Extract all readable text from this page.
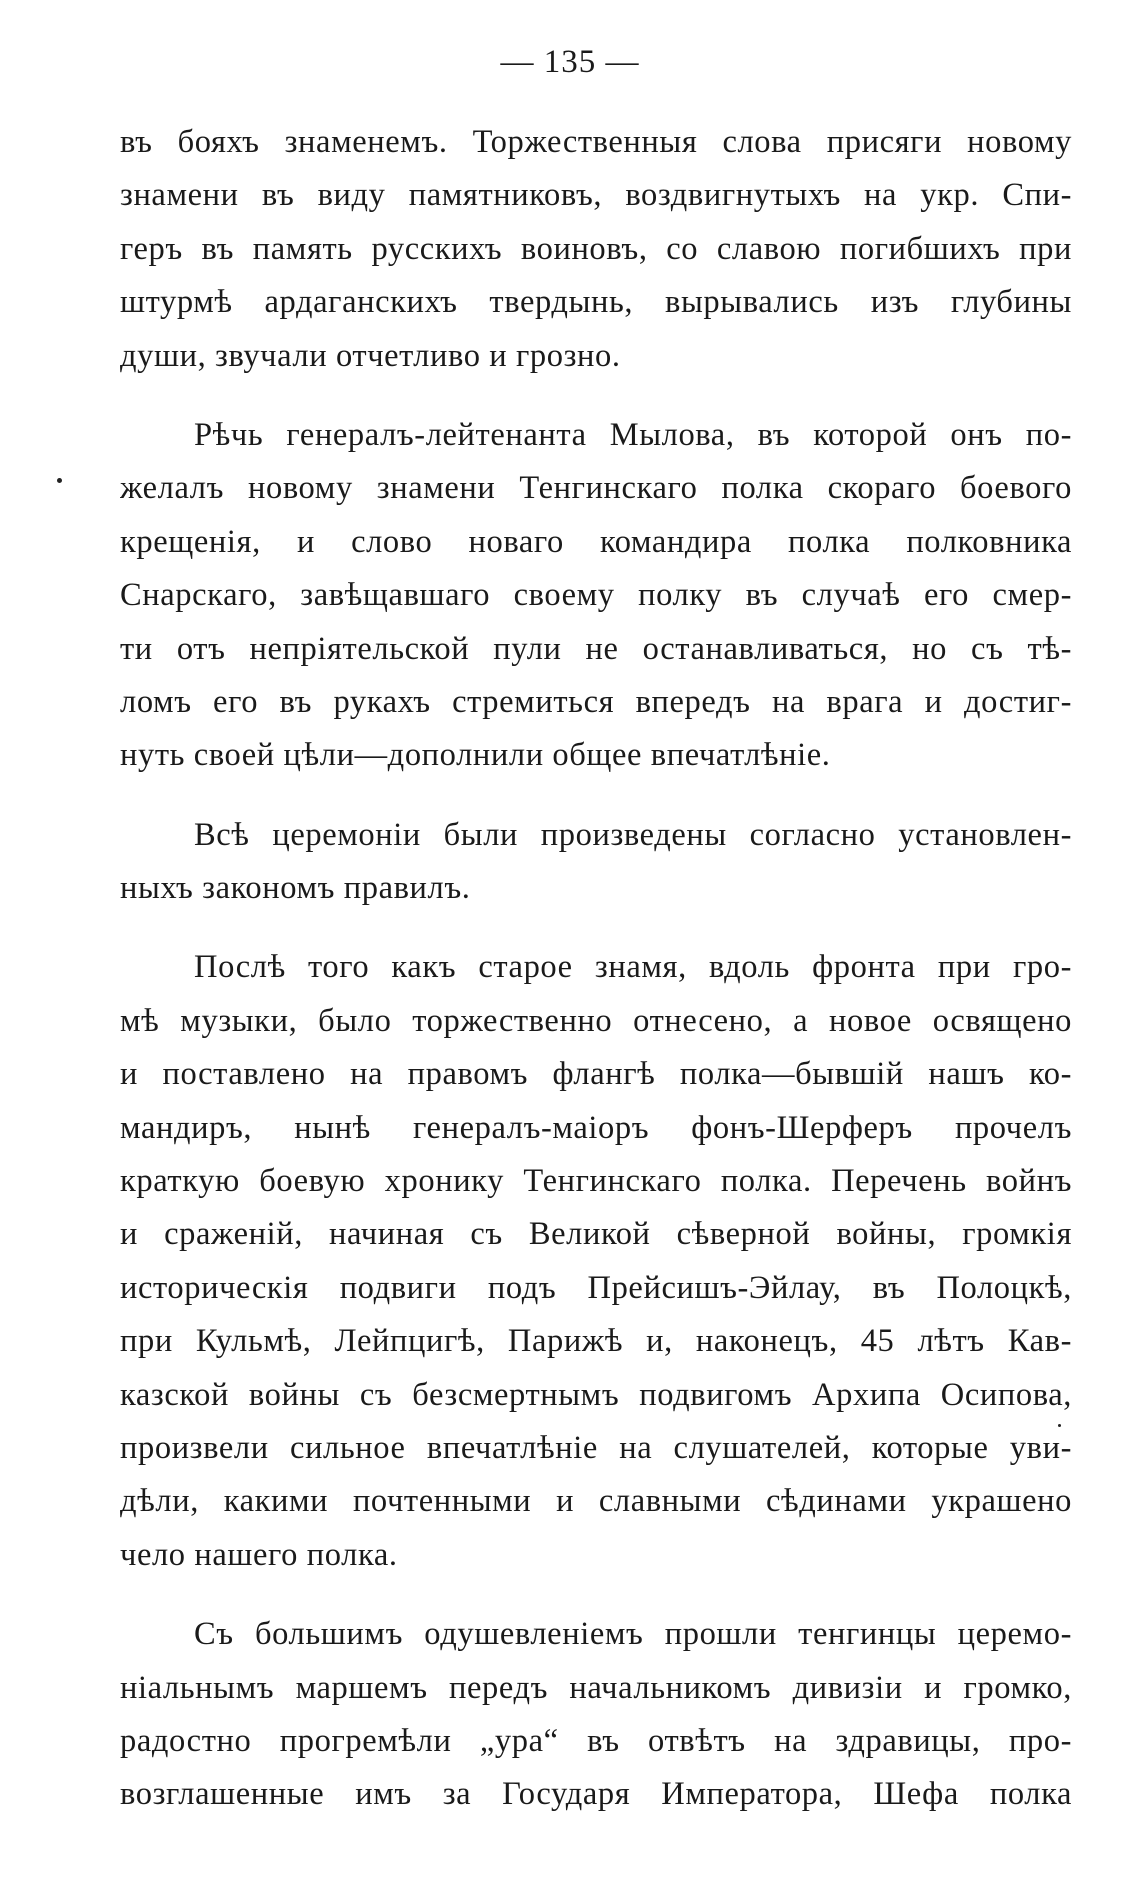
— 135 —
въ бояхъ знаменемъ. Торжественныя слова присяги новому
знамени въ виду памятниковъ, воздвигнутыхъ на укр. Спи-
геръ въ память русскихъ воиновъ, со славою погибшихъ при
штурмѣ ардаганскихъ твердынь, вырывались изъ глубины
души, звучали отчетливо и грозно.
Рѣчь генералъ-лейтенанта Мылова, въ которой онъ по-
желалъ новому знамени Тенгинскаго полка скораго боевого
крещенія, и слово новаго командира полка полковника
Снарскаго, завѣщавшаго своему полку въ случаѣ его смер-
ти отъ непріятельской пули не останавливаться, но съ тѣ-
ломъ его въ рукахъ стремиться впередъ на врага и достиг-
нуть своей цѣли—дополнили общее впечатлѣніе.
Всѣ церемоніи были произведены согласно установлен-
ныхъ закономъ правилъ.
Послѣ того какъ старое знамя, вдоль фронта при гро-
мѣ музыки, было торжественно отнесено, а новое освящено
и поставлено на правомъ флангѣ полка—бывшій нашъ ко-
мандиръ, нынѣ генералъ-маіоръ фонъ-Шерферъ прочелъ
краткую боевую хронику Тенгинскаго полка. Перечень войнъ
и сраженій, начиная съ Великой сѣверной войны, громкія
историческія подвиги подъ Прейсишъ-Эйлау, въ Полоцкѣ,
при Кульмѣ, Лейпцигѣ, Парижѣ и, наконецъ, 45 лѣтъ Кав-
казской войны съ безсмертнымъ подвигомъ Архипа Осипова,
произвели сильное впечатлѣніе на слушателей, которые уви-
дѣли, какими почтенными и славными сѣдинами украшено
чело нашего полка.
Съ большимъ одушевленіемъ прошли тенгинцы церемо-
ніальнымъ маршемъ передъ начальникомъ дивизіи и громко,
радостно прогремѣли „ура“ въ отвѣтъ на здравицы, про-
возглашенные имъ за Государя Императора, Шефа полка
